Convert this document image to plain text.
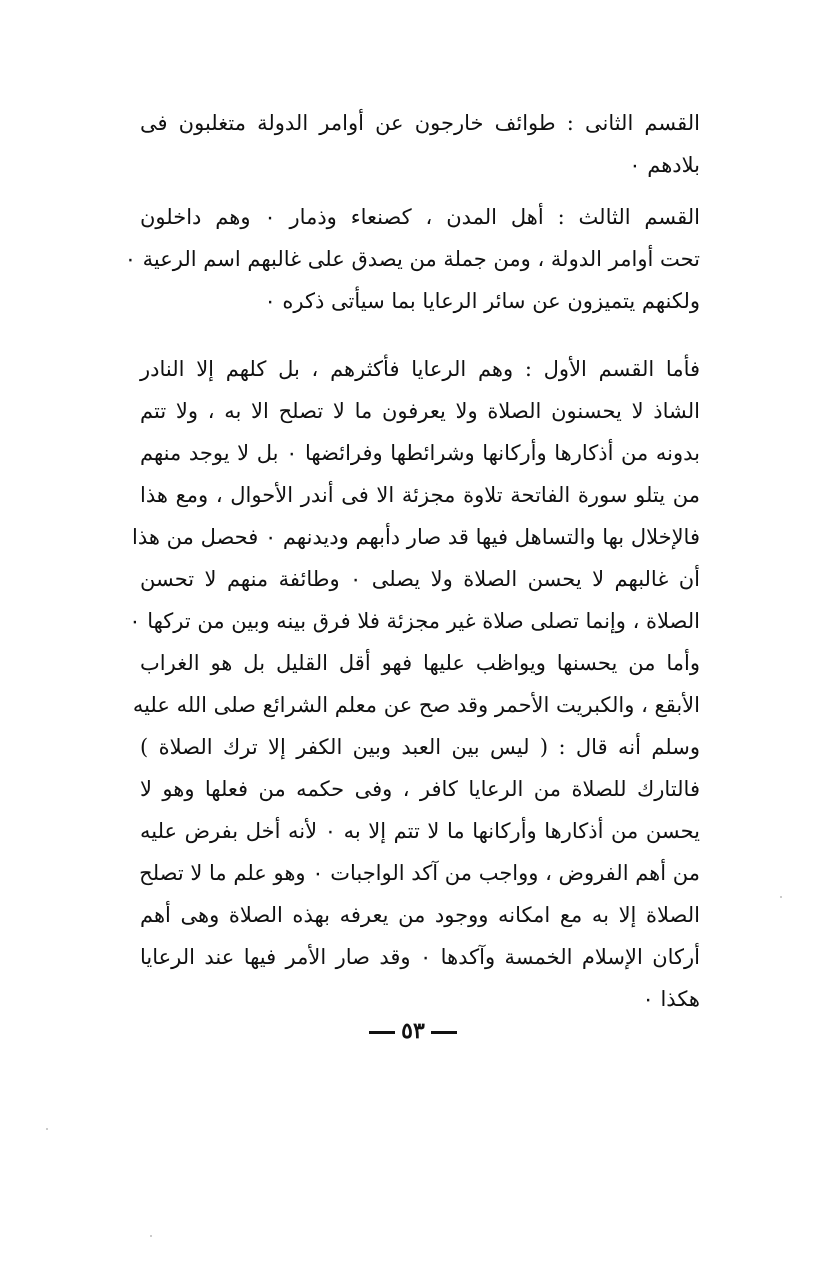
القسم الثانى : طوائف خارجون عن أوامر الدولة متغلبون فى
بلادهم ٠
القسم الثالث : أهل المدن ، كصنعاء وذمار ٠ وهم داخلون
تحت أوامر الدولة ، ومن جملة من يصدق على غالبهم اسم الرعية ٠
ولكنهم يتميزون عن سائر الرعايا بما سيأتى ذكره ٠
فأما القسم الأول : وهم الرعايا فأكثرهم ، بل كلهم إلا النادر
الشاذ لا يحسنون الصلاة ولا يعرفون ما لا تصلح الا به ، ولا تتم
بدونه من أذكارها وأركانها وشرائطها وفرائضها ٠ بل لا يوجد منهم
من يتلو سورة الفاتحة تلاوة مجزئة الا فى أندر الأحوال ، ومع هذا
فالإخلال بها والتساهل فيها قد صار دأبهم وديدنهم ٠ فحصل من هذا
أن غالبهم لا يحسن الصلاة ولا يصلى ٠ وطائفة منهم لا تحسن
الصلاة ، وإنما تصلى صلاة غير مجزئة فلا فرق بينه وبين من تركها ٠
وأما من يحسنها ويواظب عليها فهو أقل القليل بل هو الغراب
الأبقع ، والكبريت الأحمر وقد صح عن معلم الشرائع صلى الله عليه
وسلم أنه قال : ( ليس بين العبد وبين الكفر إلا ترك الصلاة )
فالتارك للصلاة من الرعايا كافر ، وفى حكمه من فعلها وهو لا
يحسن من أذكارها وأركانها ما لا تتم إلا به ٠ لأنه أخل بفرض عليه
من أهم الفروض ، وواجب من آكد الواجبات ٠ وهو علم ما لا تصلح
الصلاة إلا به مع امكانه ووجود من يعرفه بهذه الصلاة وهى أهم
أركان الإسلام الخمسة وآكدها ٠ وقد صار الأمر فيها عند الرعايا
هكذا ٠
٥٣
